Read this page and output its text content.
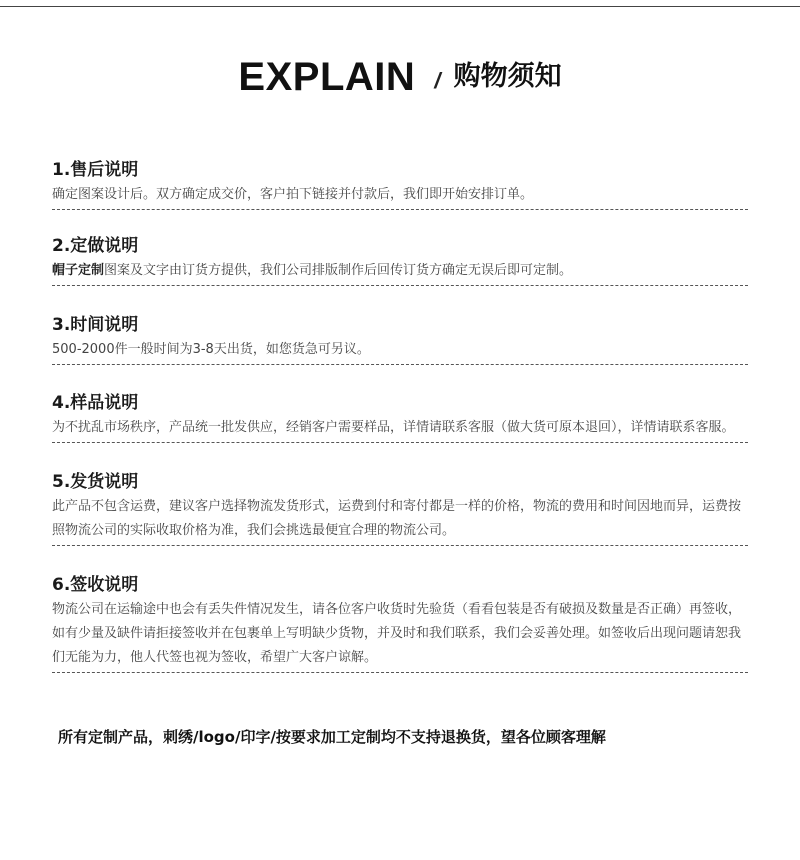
EXPLAIN / 购物须知
1.售后说明
确定图案设计后。双方确定成交价，客户拍下链接并付款后，我们即开始安排订单。
2.定做说明
帽子定制图案及文字由订货方提供，我们公司排版制作后回传订货方确定无误后即可定制。
3.时间说明
500-2000件一般时间为3-8天出货，如您货急可另议。
4.样品说明
为不扰乱市场秩序，产品统一批发供应，经销客户需要样品，详情请联系客服（做大货可原本退回），详情请联系客服。
5.发货说明
此产品不包含运费，建议客户选择物流发货形式，运费到付和寄付都是一样的价格，物流的费用和时间因地而异，运费按照物流公司的实际收取价格为准，我们会挑选最便宜合理的物流公司。
6.签收说明
物流公司在运输途中也会有丢失件情况发生，请各位客户收货时先验货（看看包装是否有破损及数量是否正确）再签收，如有少量及缺件请拒接签收并在包裹单上写明缺少货物，并及时和我们联系，我们会妥善处理。如签收后出现问题请恕我们无能为力，他人代签也视为签收，希望广大客户谅解。
所有定制产品，刺绣/logo/印字/按要求加工定制均不支持退换货，望各位顾客理解
